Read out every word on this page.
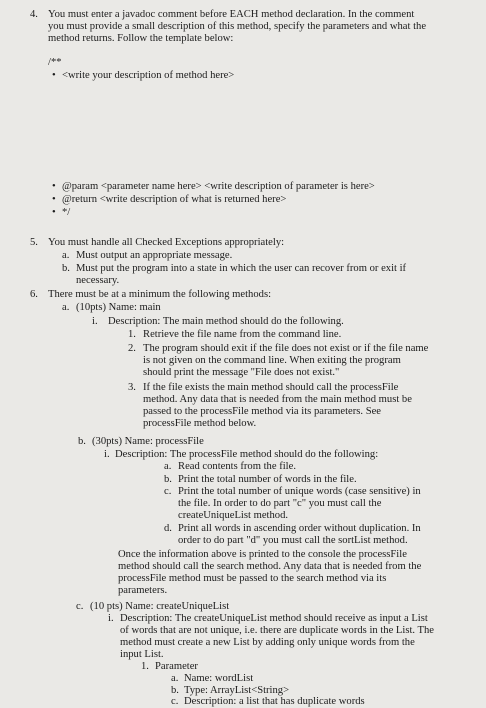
4. You must enter a javadoc comment before EACH method declaration. In the comment
you must provide a small description of this method, specify the parameters and what the
method returns. Follow the template below:
/**
• <write your description of method here>
• @param <parameter name here> <write description of parameter is here>
• @return <write description of what is returned here>
• */
5. You must handle all Checked Exceptions appropriately:
a. Must output an appropriate message.
b. Must put the program into a state in which the user can recover from or exit if
necessary.
6. There must be at a minimum the following methods:
a. (10pts) Name: main
i. Description: The main method should do the following.
1. Retrieve the file name from the command line.
2. The program should exit if the file does not exist or if the file name
is not given on the command line. When exiting the program
should print the message "File does not exist."
3. If the file exists the main method should call the processFile
method. Any data that is needed from the main method must be
passed to the processFile method via its parameters. See
processFile method below.
b. (30pts) Name: processFile
i. Description: The processFile method should do the following:
a. Read contents from the file.
b. Print the total number of words in the file.
c. Print the total number of unique words (case sensitive) in
the file. In order to do part "c" you must call the
createUniqueList method.
d. Print all words in ascending order without duplication. In
order to do part "d" you must call the sortList method.
Once the information above is printed to the console the processFile
method should call the search method. Any data that is needed from the
processFile method must be passed to the search method via its
parameters.
c. (10 pts) Name: createUniqueList
i. Description: The createUniqueList method should receive as input a List
of words that are not unique, i.e. there are duplicate words in the List. The
method must create a new List by adding only unique words from the
input List.
1. Parameter
a. Name: wordList
b. Type: ArrayList<String>
c. Description: a list that has duplicate words
